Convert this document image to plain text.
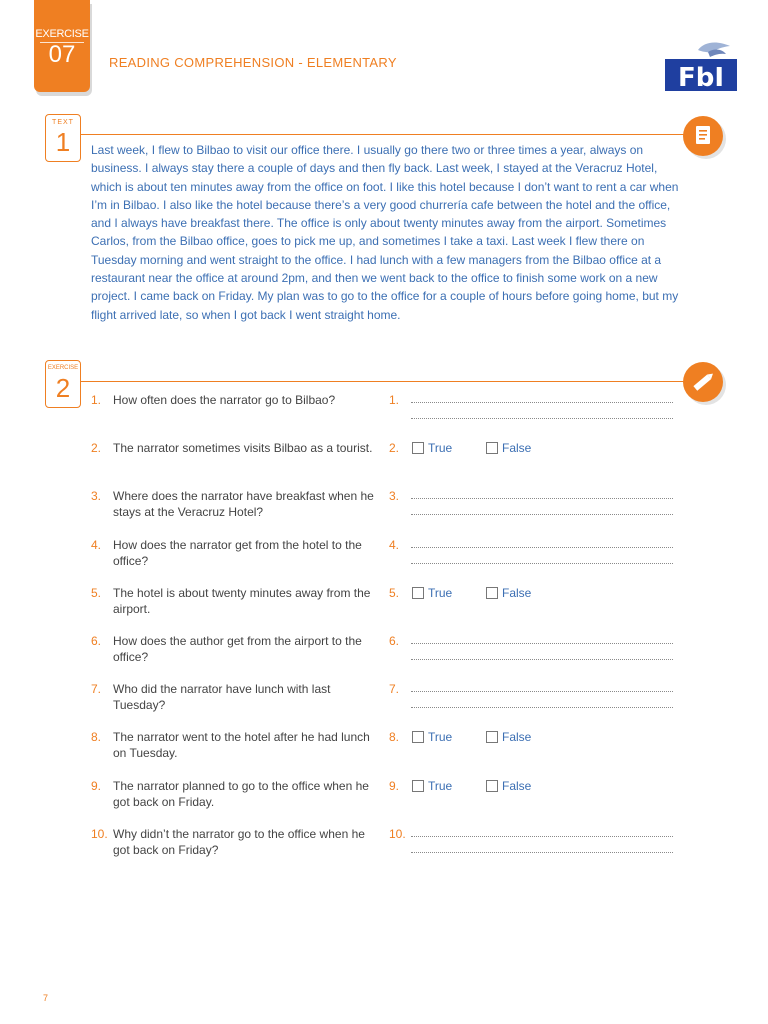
EXERCISE
07	READING COMPREHENSION - ELEMENTARY
FbI
TEXT
1	Last week, I flew to Bilbao to visit our office there. I usually go there two or three times a year, always on business. I always stay there a couple of days and then fly back. Last week, I stayed at the Veracruz Hotel, which is about ten minutes away from the office on foot. I like this hotel because I don’t want to rent a car when I’m in Bilbao. I also like the hotel because there’s a very good churrería cafe between the hotel and the office, and I always have breakfast there. The office is only about twenty minutes away from the airport. Sometimes Carlos, from the Bilbao office, goes to pick me up, and sometimes I take a taxi. Last week I flew there on Tuesday morning and went straight to the office. I had lunch with a few managers from the Bilbao office at a restaurant near the office at around 2pm, and then we went back to the office to finish some work on a new project. I came back on Friday. My plan was to go to the office for a couple of hours before going home, but my flight arrived late, so when I got back I went straight home.
EXERCISE
2	1. How often does the narrator go to Bilbao?	1.
2. The narrator sometimes visits Bilbao as a tourist.	2. True	False
3. Where does the narrator have breakfast when he stays at the Veracruz Hotel?
3.
4. How does the narrator get from the hotel to the office?
4.
5. The hotel is about twenty minutes away from the airport.
5. True	False
6. How does the author get from the airport to the office?
6.
7. Who did the narrator have lunch with last Tuesday?
7.
8. The narrator went to the hotel after he had lunch on Tuesday.
8. True	False
9. The narrator planned to go to the office when he got back on Friday.
9. True	False
10. Why didn’t the narrator go to the office when he got back on Friday?
10.
7
